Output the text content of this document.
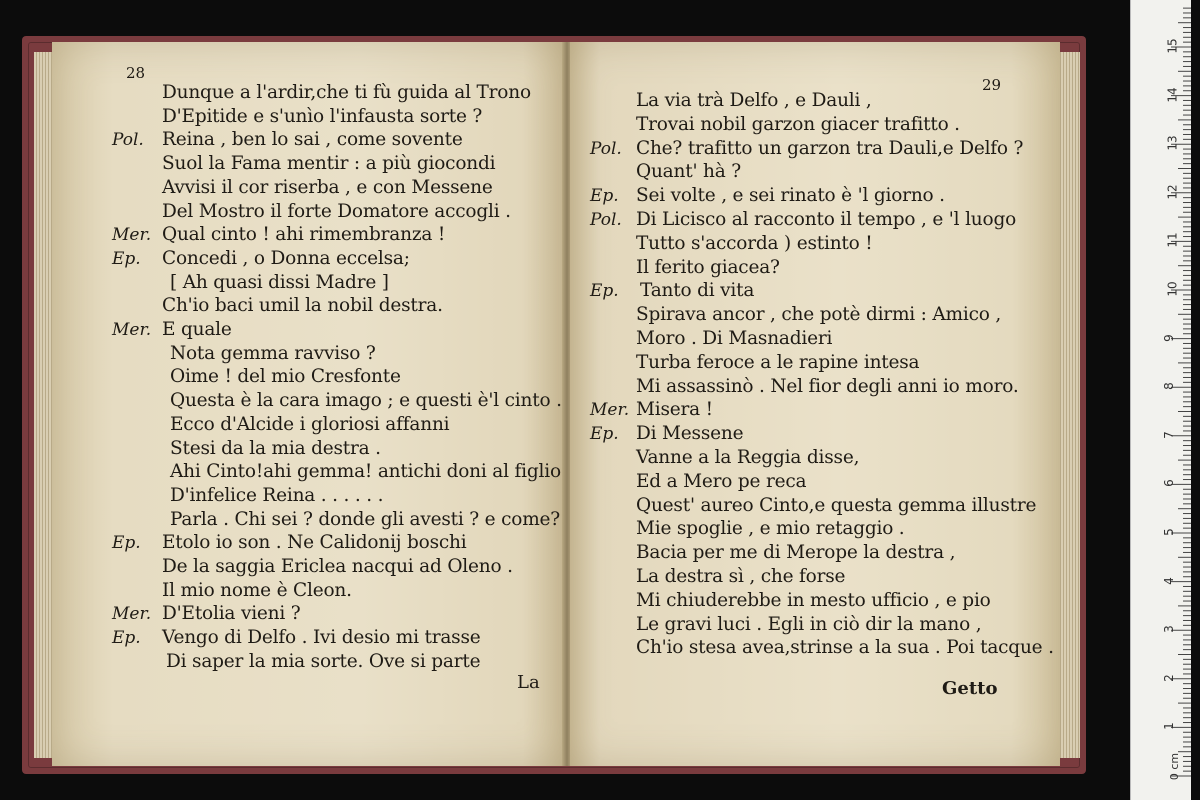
28
Dunque a l'ardir,che ti fù guida al Trono
D'Epitide e s'unìo l'infausta sorte ?
Pol. Reina , ben lo sai , come sovente
Suol la Fama mentir : a più giocondi
Avvisi il cor riserba , e con Messene
Del Mostro il forte Domatore accogli .
Mer. Qual cinto ! ahi rimembranza !
Ep. Concedi , o Donna eccelsa;
[ Ah quasi dissi Madre ]
Ch'io baci umil la nobil destra.
Mer. E quale
Nota gemma ravviso ?
Oime ! del mio Cresfonte
Questa è la cara imago ; e questi è'l cinto .
Ecco d'Alcide i gloriosi affanni
Stesi da la mia destra .
Ahi Cinto!ahi gemma! antichi doni al figlio
D'infelice Reina . . . . . .
Parla . Chi sei ? donde gli avesti ? e come?
Ep. Etolo io son . Ne Calidonij boschi
De la saggia Ericlea nacqui ad Oleno .
Il mio nome è Cleon.
Mer. D'Etolia vieni ?
Ep. Vengo di Delfo . Ivi desio mi trasse
Di saper la mia sorte. Ove si parte
La
29
La via trà Delfo , e Dauli ,
Trovai nobil garzon giacer trafitto .
Pol. Che? trafitto un garzon tra Dauli,e Delfo ?
Quant' hà ?
Ep. Sei volte , e sei rinato è 'l giorno .
Pol. Di Licisco al racconto il tempo , e 'l luogo
Tutto s'accorda ) estinto !
Il ferito giacea?
Ep. Tanto di vita
Spirava ancor , che potè dirmi : Amico ,
Moro . Di Masnadieri
Turba feroce a le rapine intesa
Mi assassinò . Nel fior degli anni io moro.
Mer. Misera !
Ep. Di Messene
Vanne a la Reggia disse,
Ed a Mero pe reca
Quest' aureo Cinto,e questa gemma illustre
Mie spoglie , e mio retaggio .
Bacia per me di Merope la destra ,
La destra sì , che forse
Mi chiuderebbe in mesto ufficio , e pio
Le gravi luci . Egli in ciò dir la mano ,
Ch'io stesa avea,strinse a la sua . Poi tacque .
Getto
1
2
3
4
5
6
7
8
9
10
11
12
13
14
15
0 cm
